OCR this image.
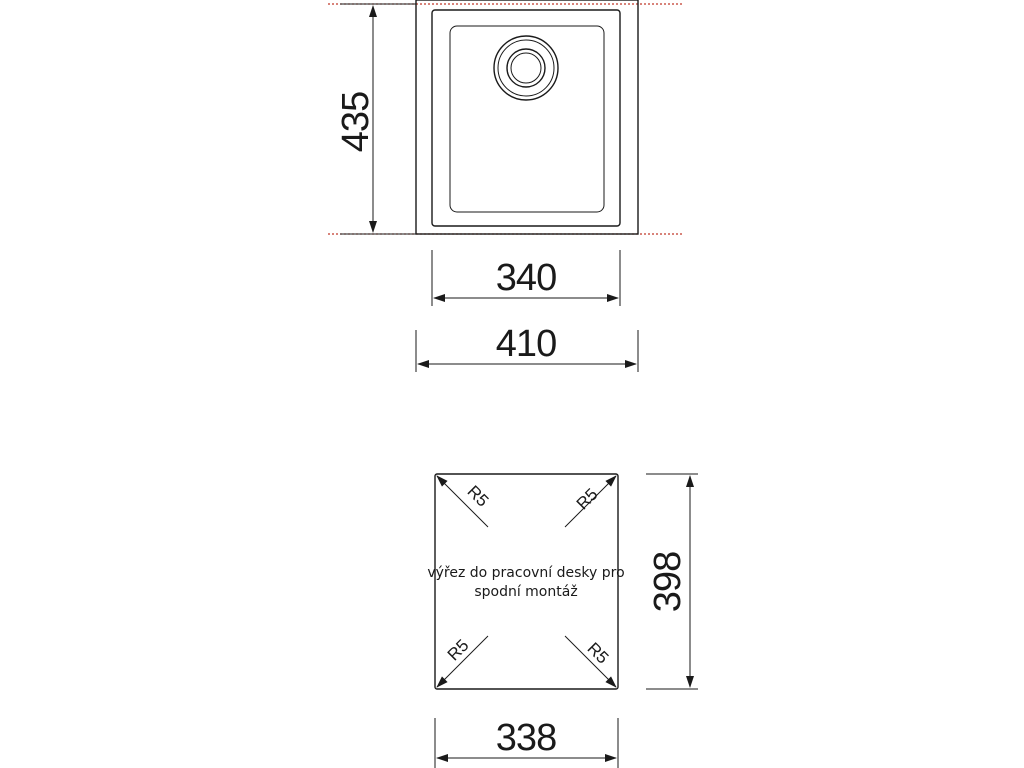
435
340
410
R5	R5
R5	R5
výřez do pracovní desky pro
spodní montáž 398
338
